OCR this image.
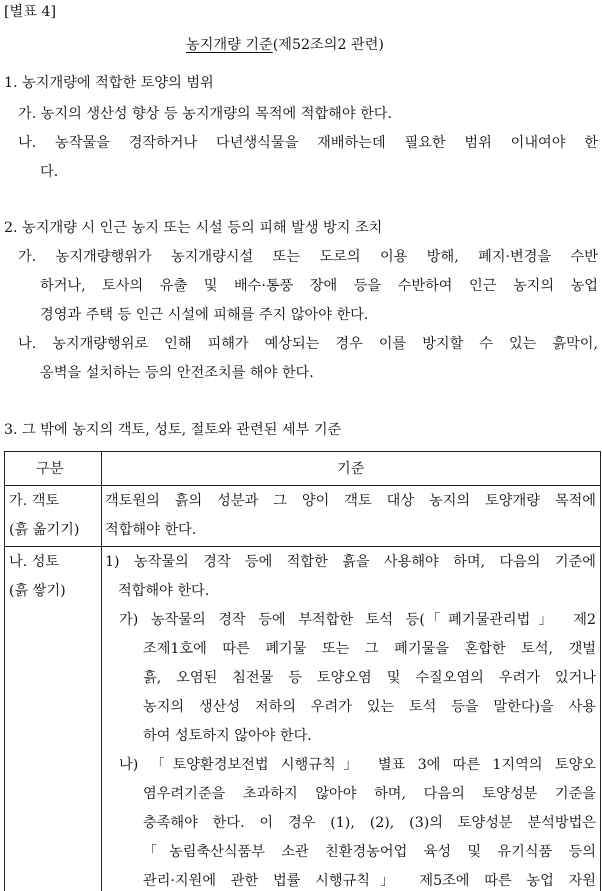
[별표 4]
농지개량 기준(제52조의2 관련)
1. 농지개량에 적합한 토양의 범위
가. 농지의 생산성 향상 등 농지개량의 목적에 적합해야 한다.
나. 농작물을 경작하거나 다년생식물을 재배하는데 필요한 범위 이내여야 한
다.
2. 농지개량 시 인근 농지 또는 시설 등의 피해 발생 방지 조치
가. 농지개량행위가 농지개량시설 또는 도로의 이용 방해, 폐지·변경을 수반
하거나, 토사의 유출 및 배수·통풍 장애 등을 수반하여 인근 농지의 농업
경영과 주택 등 인근 시설에 피해를 주지 않아야 한다.
나. 농지개량행위로 인해 피해가 예상되는 경우 이를 방지할 수 있는 흙막이,
옹벽을 설치하는 등의 안전조치를 해야 한다.
3. 그 밖에 농지의 객토, 성토, 절토와 관련된 세부 기준
구분	기준
가. 객토
(흙 옮기기)
객토원의 흙의 성분과 그 양이 객토 대상 농지의 토양개량 목적에
적합해야 한다.
나. 성토
(흙 쌓기)
1) 농작물의 경작 등에 적합한 흙을 사용해야 하며, 다음의 기준에
적합해야 한다.
가) 농작물의 경작 등에 부적합한 토석 등(「폐기물관리법」 제2
조제1호에 따른 폐기물 또는 그 폐기물을 혼합한 토석, 갯벌
흙, 오염된 침전물 등 토양오염 및 수질오염의 우려가 있거나
농지의 생산성 저하의 우려가 있는 토석 등을 말한다)을 사용
하여 성토하지 않아야 한다.
나) 「토양환경보전법 시행규칙」 별표 3에 따른 1지역의 토양오
염우려기준을 초과하지 않아야 하며, 다음의 토양성분 기준을
충족해야 한다. 이 경우 (1), (2), (3)의 토양성분 분석방법은
「농림축산식품부 소관 친환경농어업 육성 및 유기식품 등의
관리·지원에 관한 법률 시행규칙」 제5조에 따른 농업 자원
